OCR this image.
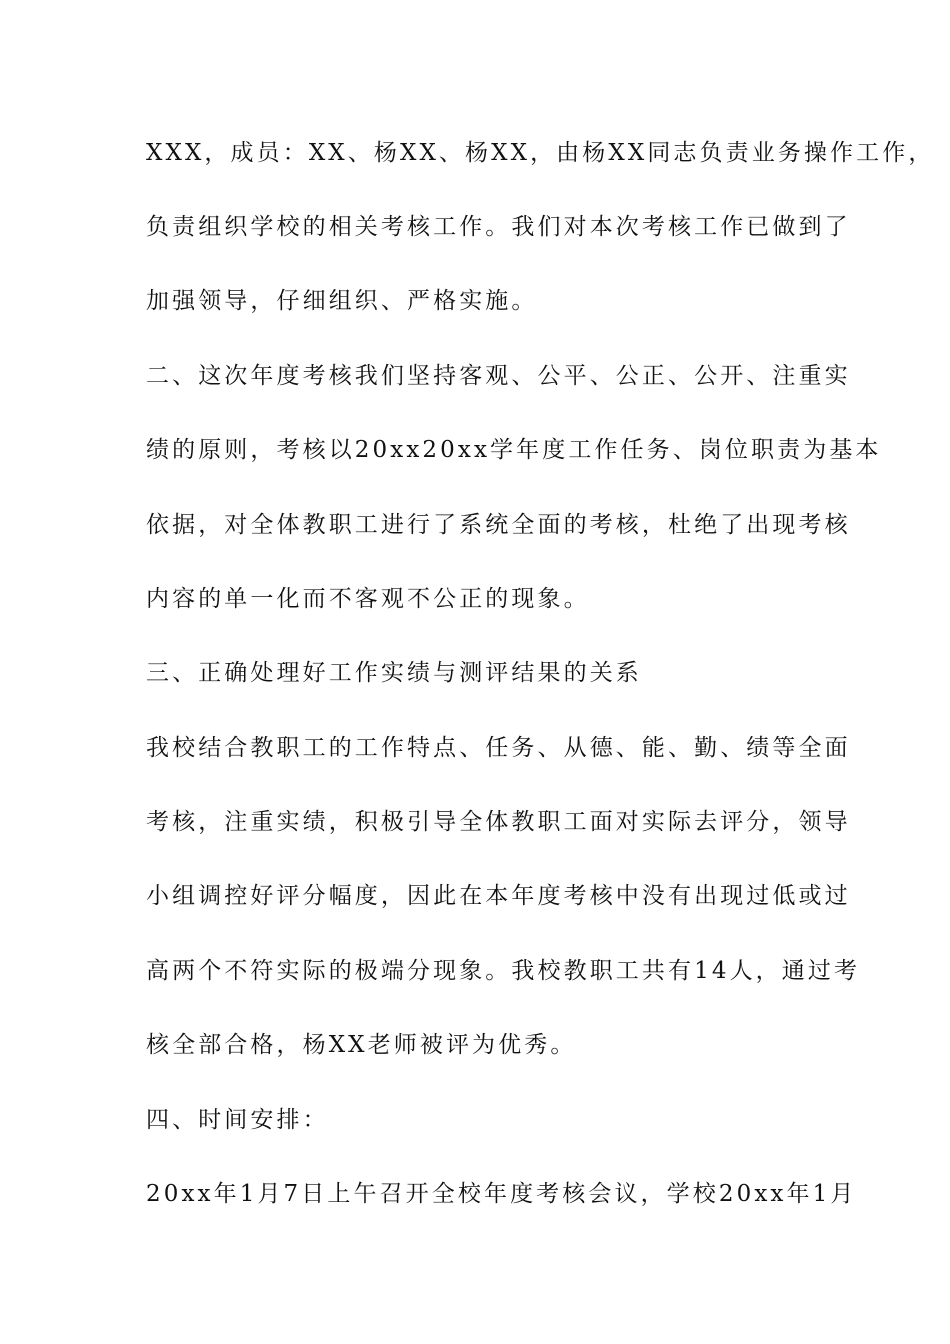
XXX，成员：XX、杨XX、杨XX，由杨XX同志负责业务操作工作，
负责组织学校的相关考核工作。我们对本次考核工作已做到了
加强领导，仔细组织、严格实施。
二、这次年度考核我们坚持客观、公平、公正、公开、注重实
绩的原则，考核以20xx20xx学年度工作任务、岗位职责为基本
依据，对全体教职工进行了系统全面的考核，杜绝了出现考核
内容的单一化而不客观不公正的现象。
三、正确处理好工作实绩与测评结果的关系
我校结合教职工的工作特点、任务、从德、能、勤、绩等全面
考核，注重实绩，积极引导全体教职工面对实际去评分，领导
小组调控好评分幅度，因此在本年度考核中没有出现过低或过
高两个不符实际的极端分现象。我校教职工共有14人，通过考
核全部合格，杨XX老师被评为优秀。
四、时间安排：
20xx年1月7日上午召开全校年度考核会议，学校20xx年1月
